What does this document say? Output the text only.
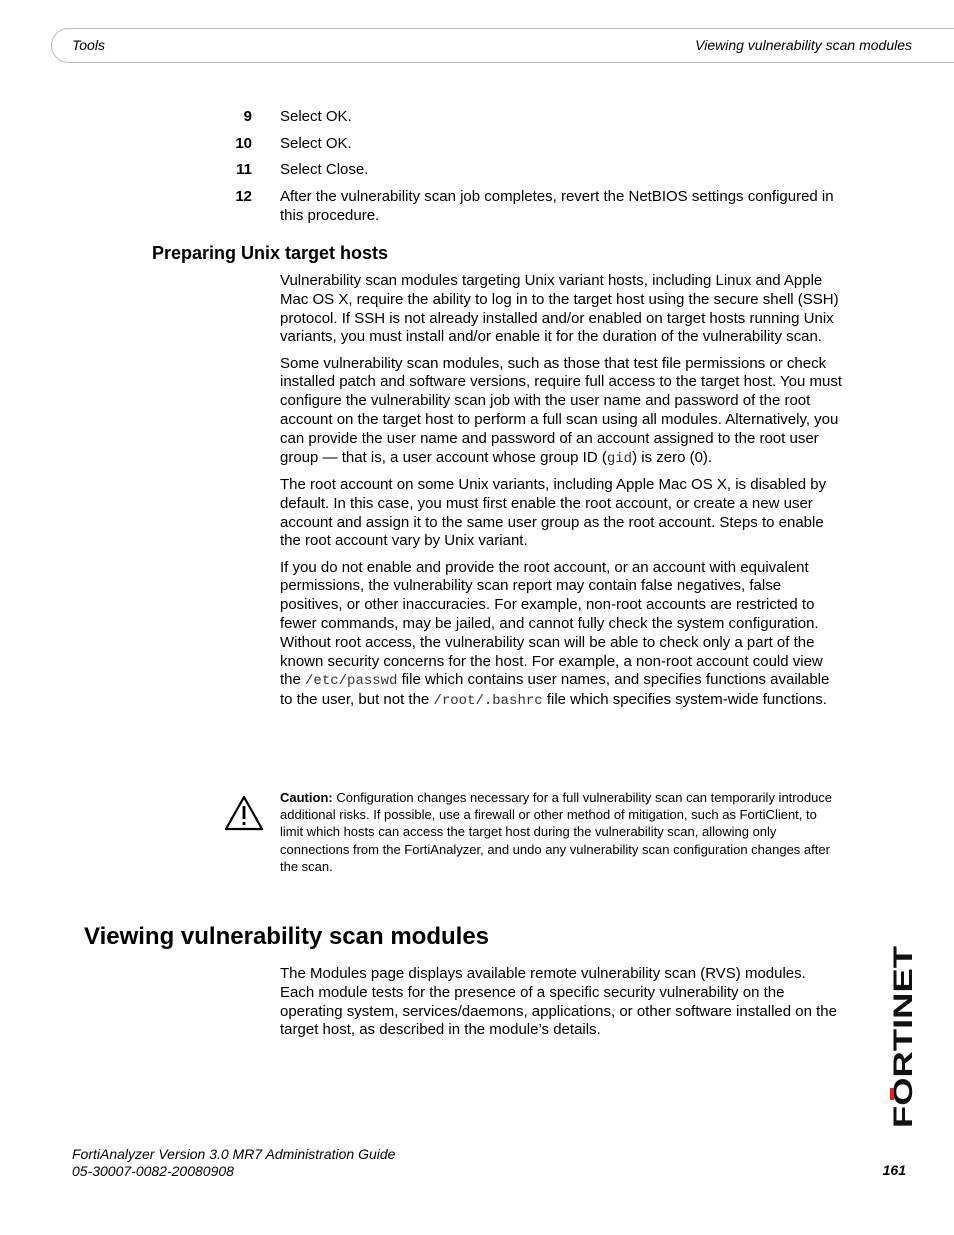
Tools	Viewing vulnerability scan modules
9 Select OK.
10 Select OK.
11 Select Close.
12 After the vulnerability scan job completes, revert the NetBIOS settings configured in this procedure.
Preparing Unix target hosts

Vulnerability scan modules targeting Unix variant hosts, including Linux and Apple Mac OS X, require the ability to log in to the target host using the secure shell (SSH) protocol. If SSH is not already installed and/or enabled on target hosts running Unix variants, you must install and/or enable it for the duration of the vulnerability scan.

Some vulnerability scan modules, such as those that test file permissions or check installed patch and software versions, require full access to the target host. You must configure the vulnerability scan job with the user name and password of the root account on the target host to perform a full scan using all modules. Alternatively, you can provide the user name and password of an account assigned to the root user group — that is, a user account whose group ID (gid) is zero (0).

The root account on some Unix variants, including Apple Mac OS X, is disabled by default. In this case, you must first enable the root account, or create a new user account and assign it to the same user group as the root account. Steps to enable the root account vary by Unix variant.

If you do not enable and provide the root account, or an account with equivalent permissions, the vulnerability scan report may contain false negatives, false positives, or other inaccuracies. For example, non-root accounts are restricted to fewer commands, may be jailed, and cannot fully check the system configuration. Without root access, the vulnerability scan will be able to check only a part of the known security concerns for the host. For example, a non-root account could view the /etc/passwd file which contains user names, and specifies functions available to the user, but not the /root/.bashrc file which specifies system-wide functions.

Caution: Configuration changes necessary for a full vulnerability scan can temporarily introduce additional risks. If possible, use a firewall or other method of mitigation, such as FortiClient, to limit which hosts can access the target host during the vulnerability scan, allowing only connections from the FortiAnalyzer, and undo any vulnerability scan configuration changes after the scan.
Viewing vulnerability scan modules

The Modules page displays available remote vulnerability scan (RVS) modules. Each module tests for the presence of a specific security vulnerability on the operating system, services/daemons, applications, or other software installed on the target host, as described in the module’s details.	FORTINET
FortiAnalyzer Version 3.0 MR7 Administration Guide
05-30007-0082-20080908	161
